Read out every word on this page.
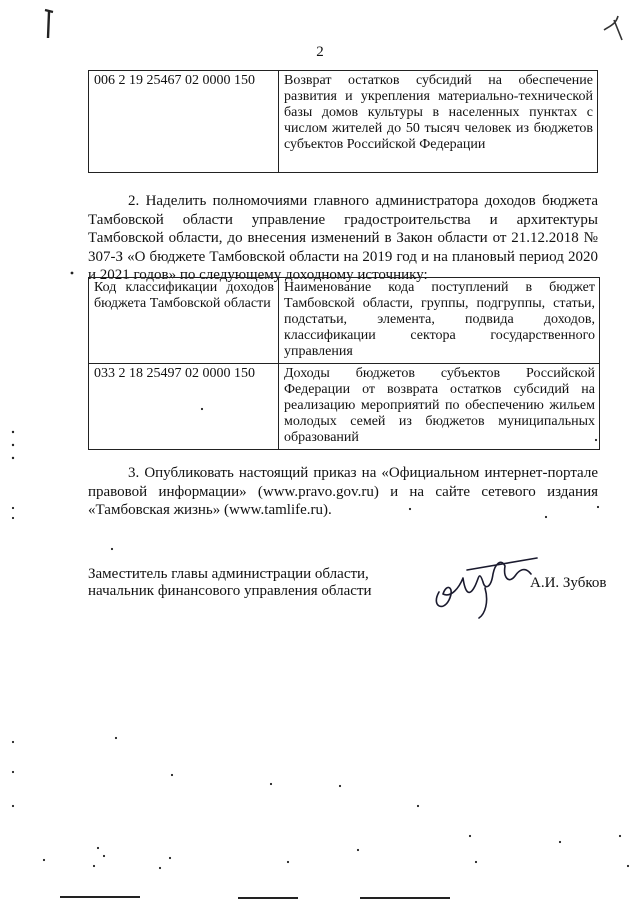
2
006 2 19 25467 02 0000 150	Возврат остатков субсидий на обеспечение развития и укрепления материально-технической базы домов культуры в населенных пунктах с числом жителей до 50 тысяч человек из бюджетов субъектов Российской Федерации
2. Наделить полномочиями главного администратора доходов бюджета Тамбовской области управление градостроительства и архитектуры Тамбовской области, до внесения изменений в Закон области от 21.12.2018 № 307-З «О бюджете Тамбовской области на 2019 год и на плановый период 2020 и 2021 годов» по следующему доходному источнику:
Код классификации доходов бюджета Тамбовской области	Наименование кода поступлений в бюджет Тамбовской области, группы, подгруппы, статьи, подстатьи, элемента, подвида доходов, классификации сектора государственного управления
033 2 18 25497 02 0000 150	Доходы бюджетов субъектов Российской Федерации от возврата остатков субсидий на реализацию мероприятий по обеспечению жильем молодых семей из бюджетов муниципальных образований
3. Опубликовать настоящий приказ на «Официальном интернет-портале правовой информации» (www.pravo.gov.ru) и на сайте сетевого издания «Тамбовская жизнь» (www.tamlife.ru).
Заместитель главы администрации области,
начальник финансового управления области	А.И. Зубков
